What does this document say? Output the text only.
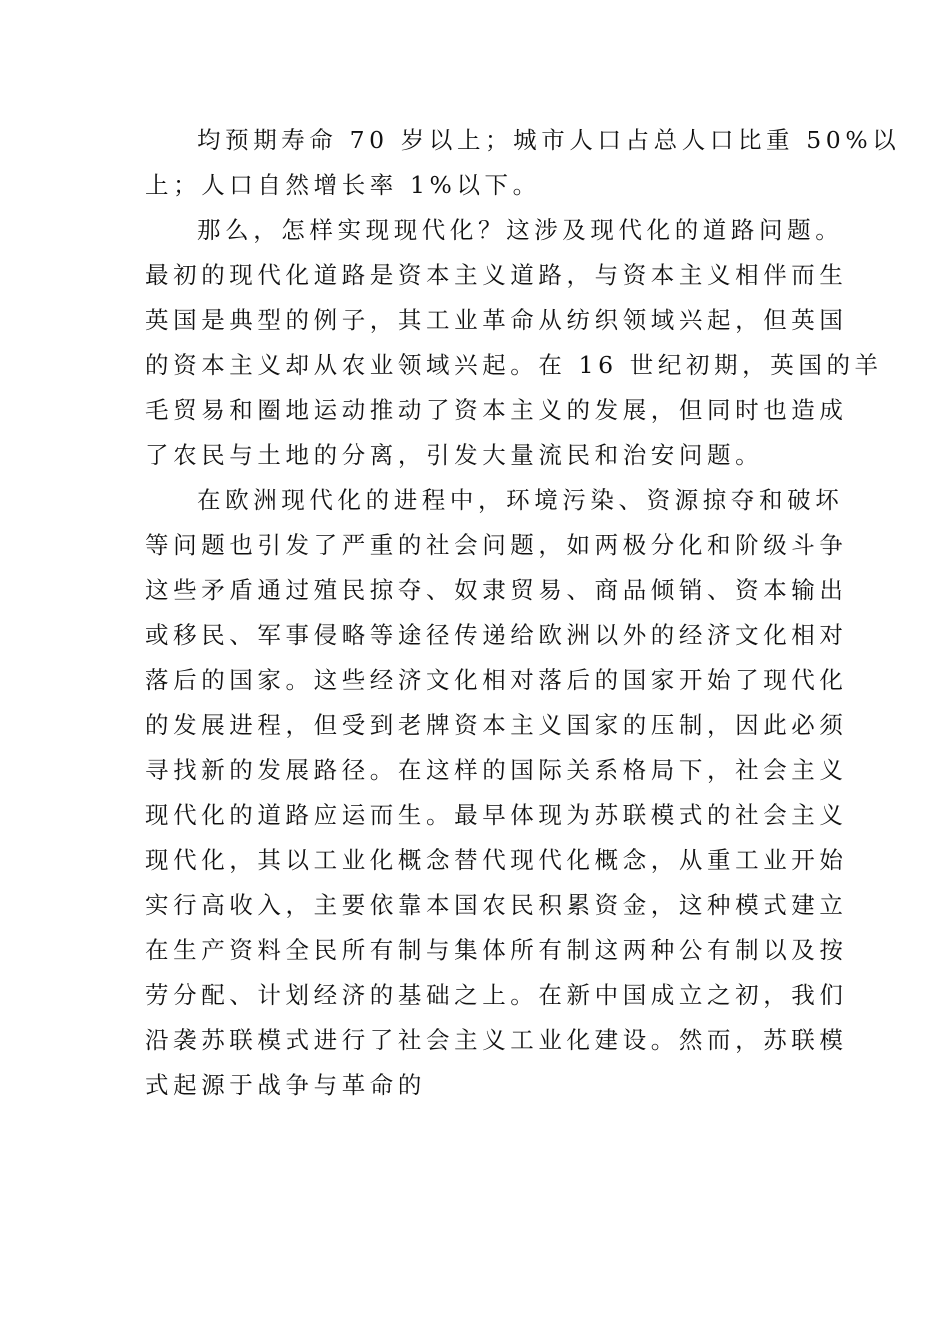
均预期寿命 70 岁以上；城市人口占总人口比重 50%以
上；人口自然增长率 1%以下。
那么，怎样实现现代化？这涉及现代化的道路问题。
最初的现代化道路是资本主义道路，与资本主义相伴而生
英国是典型的例子，其工业革命从纺织领域兴起，但英国
的资本主义却从农业领域兴起。在 16 世纪初期，英国的羊
毛贸易和圈地运动推动了资本主义的发展，但同时也造成
了农民与土地的分离，引发大量流民和治安问题。
在欧洲现代化的进程中，环境污染、资源掠夺和破坏
等问题也引发了严重的社会问题，如两极分化和阶级斗争
这些矛盾通过殖民掠夺、奴隶贸易、商品倾销、资本输出
或移民、军事侵略等途径传递给欧洲以外的经济文化相对
落后的国家。这些经济文化相对落后的国家开始了现代化
的发展进程，但受到老牌资本主义国家的压制，因此必须
寻找新的发展路径。在这样的国际关系格局下，社会主义
现代化的道路应运而生。最早体现为苏联模式的社会主义
现代化，其以工业化概念替代现代化概念，从重工业开始
实行高收入，主要依靠本国农民积累资金，这种模式建立
在生产资料全民所有制与集体所有制这两种公有制以及按
劳分配、计划经济的基础之上。在新中国成立之初，我们
沿袭苏联模式进行了社会主义工业化建设。然而，苏联模
式起源于战争与革命的
